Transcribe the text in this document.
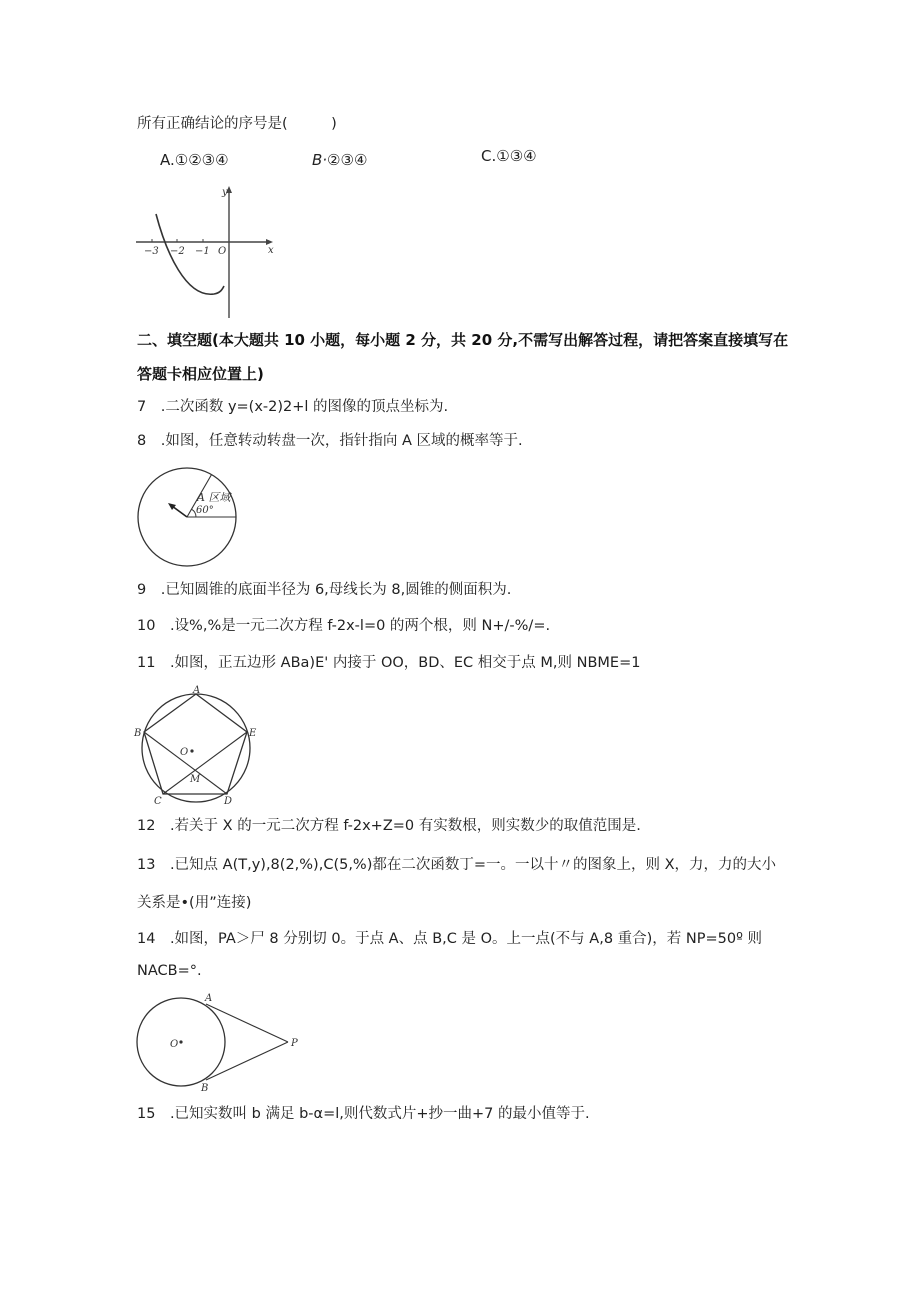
所有正确结论的序号是(　　　)
A.①②③④	B·②③④	C.①③④
y
x
O
−3 −2 −1
二、填空题(本大题共 10 小题，每小题 2 分，共 20 分,不需写出解答过程，请把答案直接填写在
答题卡相应位置上)
7　.二次函数 y=(x-2)2+l 的图像的顶点坐标为.
8　.如图，任意转动转盘一次，指针指向 A 区域的概率等于.
A 区域
60°
9　.已知圆锥的底面半径为 6,母线长为 8,圆锥的侧面积为.
10　.设%,%是一元二次方程 f-2x-l=0 的两个根，则 N+/-%/=.
11　.如图，正五边形 ABa)E' 内接于 OO，BD、EC 相交于点 M,则 NBME=1
A
B
C	D
E
O
M
12　.若关于 X 的一元二次方程 f-2x+Z=0 有实数根，则实数少的取值范围是.
13　.已知点 A(T,y),8(2,%),C(5,%)都在二次函数丁=一。一以十〃的图象上，则 X，力，力的大小
关系是•(用”连接)
14　.如图，PA＞尸 8 分别切 0。于点 A、点 B,C 是 O。上一点(不与 A,8 重合)，若 NP=50º 则
NACB=°.
A
B
P
O
15　.已知实数叫 b 满足 b-α=l,则代数式片+抄一曲+7 的最小值等于.
